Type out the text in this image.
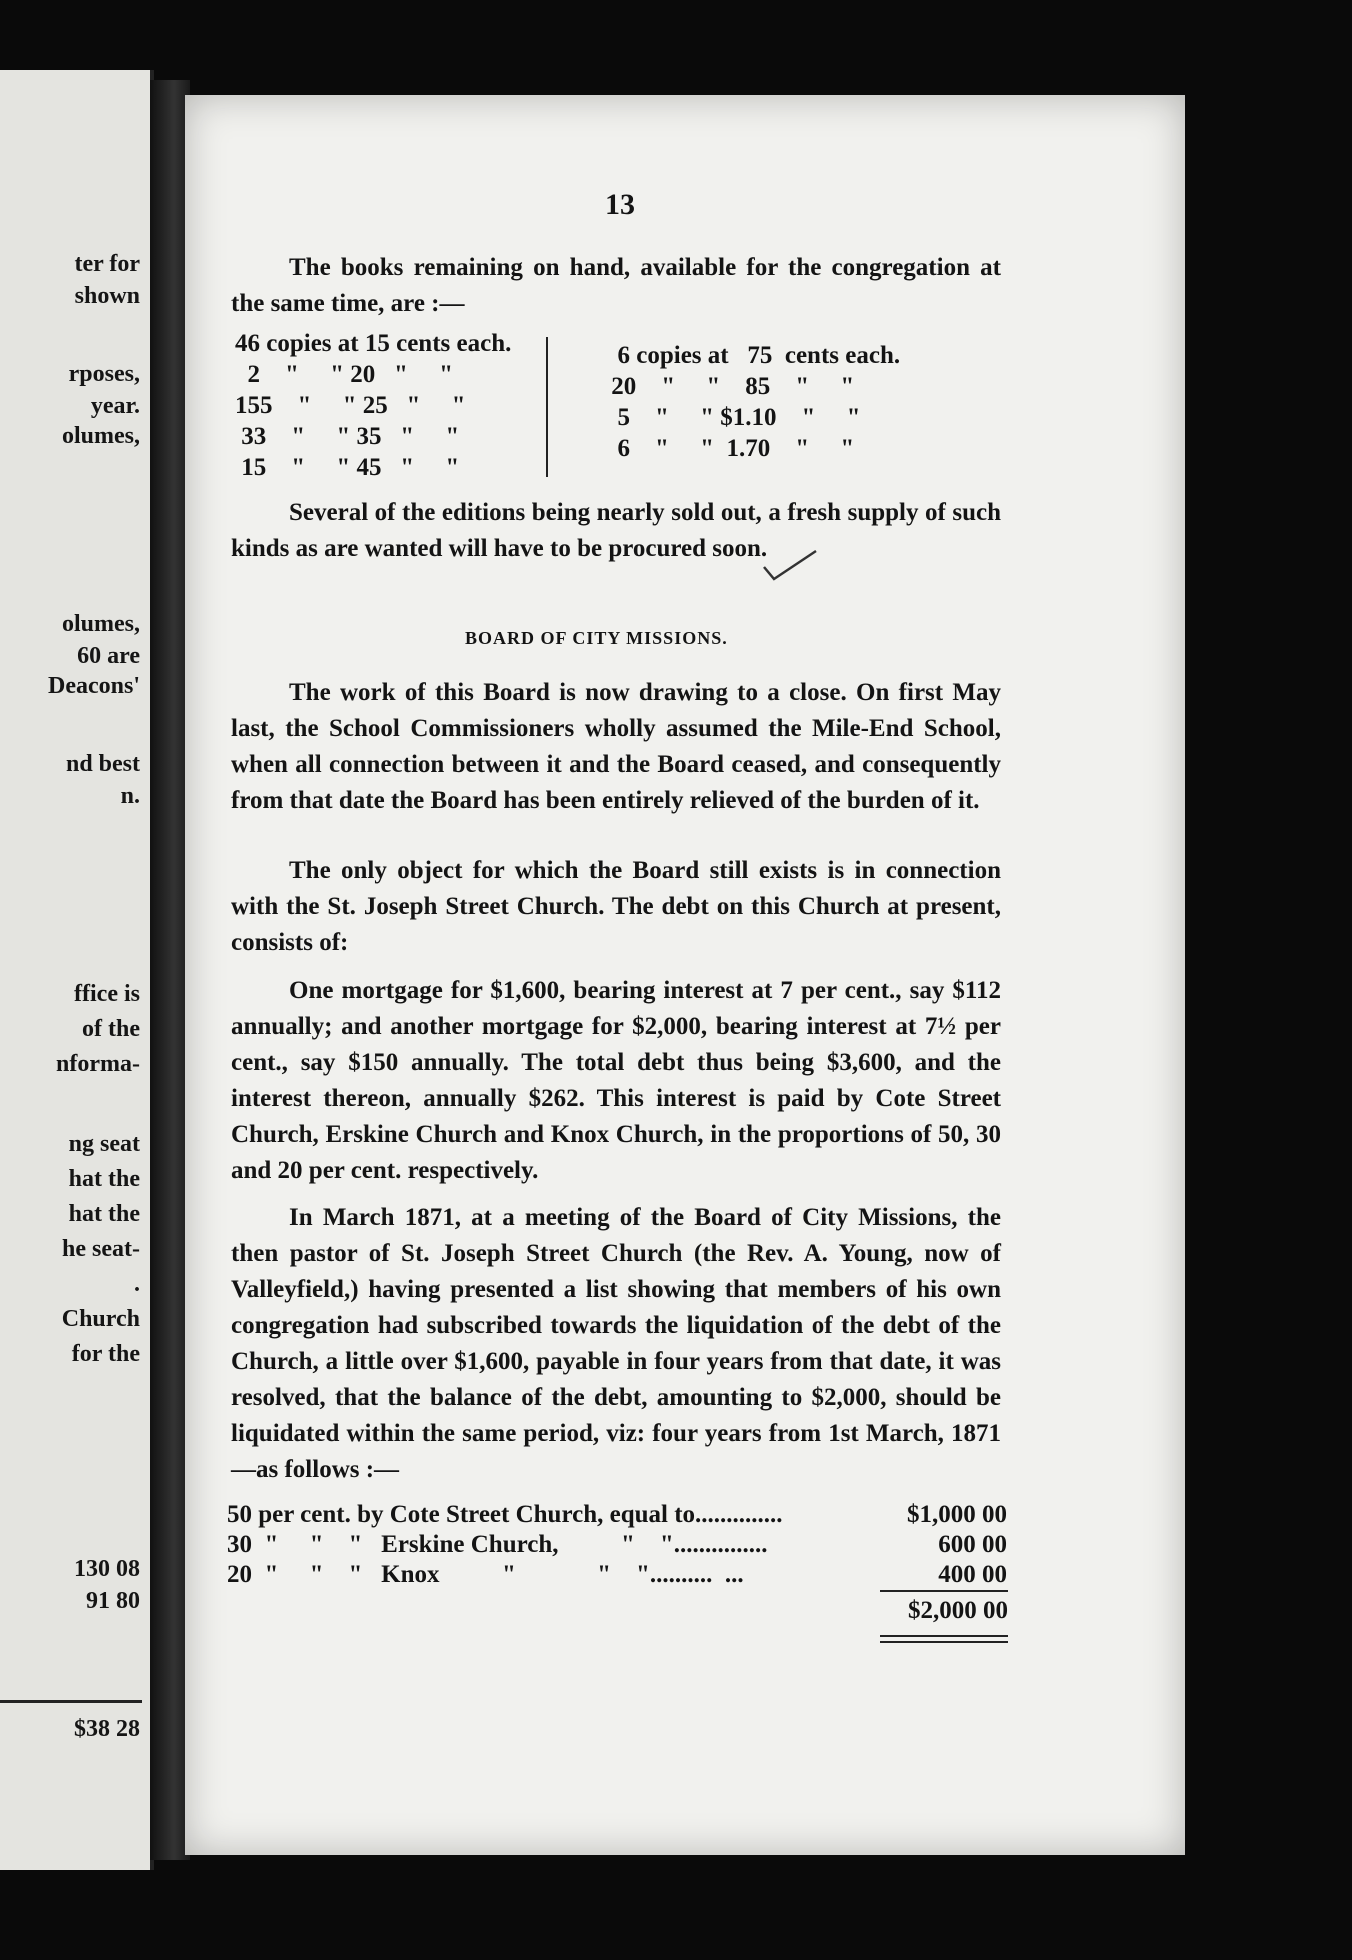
ter for
shown
rposes,
year.
olumes,
olumes,
60 are
Deacons'
nd best
n.
ffice is
of the
nforma-
ng seat
hat the
hat the
he seat-
.
Church
for the
130 08
91 80
$38 28
13

The books remaining on hand, available for the congregation at the same time, are :—

46 copies at 15 cents each.
2    "     " 20   "     "
155    "     " 25   "     "
33    "     " 35   "     "
15    "     " 45   "     "
6 copies at   75  cents each.
20    "     "    85    "     "
5    "     " $1.10    "     "
6    "     "  1.70    "     "

Several of the editions being nearly sold out, a fresh supply of such kinds as are wanted will have to be procured soon.

BOARD OF CITY MISSIONS.

The work of this Board is now drawing to a close. On first May last, the School Commissioners wholly assumed the Mile-End School, when all connection between it and the Board ceased, and consequently from that date the Board has been entirely relieved of the burden of it.

The only object for which the Board still exists is in connection with the St. Joseph Street Church. The debt on this Church at present, consists of:

One mortgage for $1,600, bearing interest at 7 per cent., say $112 annually; and another mortgage for $2,000, bearing interest at 7½ per cent., say $150 annually. The total debt thus being $3,600, and the interest thereon, annually $262. This interest is paid by Cote Street Church, Erskine Church and Knox Church, in the proportions of 50, 30 and 20 per cent. respectively.

In March 1871, at a meeting of the Board of City Missions, the then pastor of St. Joseph Street Church (the Rev. A. Young, now of Valleyfield,) having presented a list showing that members of his own congregation had subscribed towards the liquidation of the debt of the Church, a little over $1,600, payable in four years from that date, it was resolved, that the balance of the debt, amounting to $2,000, should be liquidated within the same period, viz: four years from 1st March, 1871—as follows :—

50 per cent. by Cote Street Church, equal to..............	$1,000 00
30  "     "    "   Erskine Church,          "    "...............	600 00
20  "     "    "   Knox          "             "    "..........  ...	400 00
$2,000 00
